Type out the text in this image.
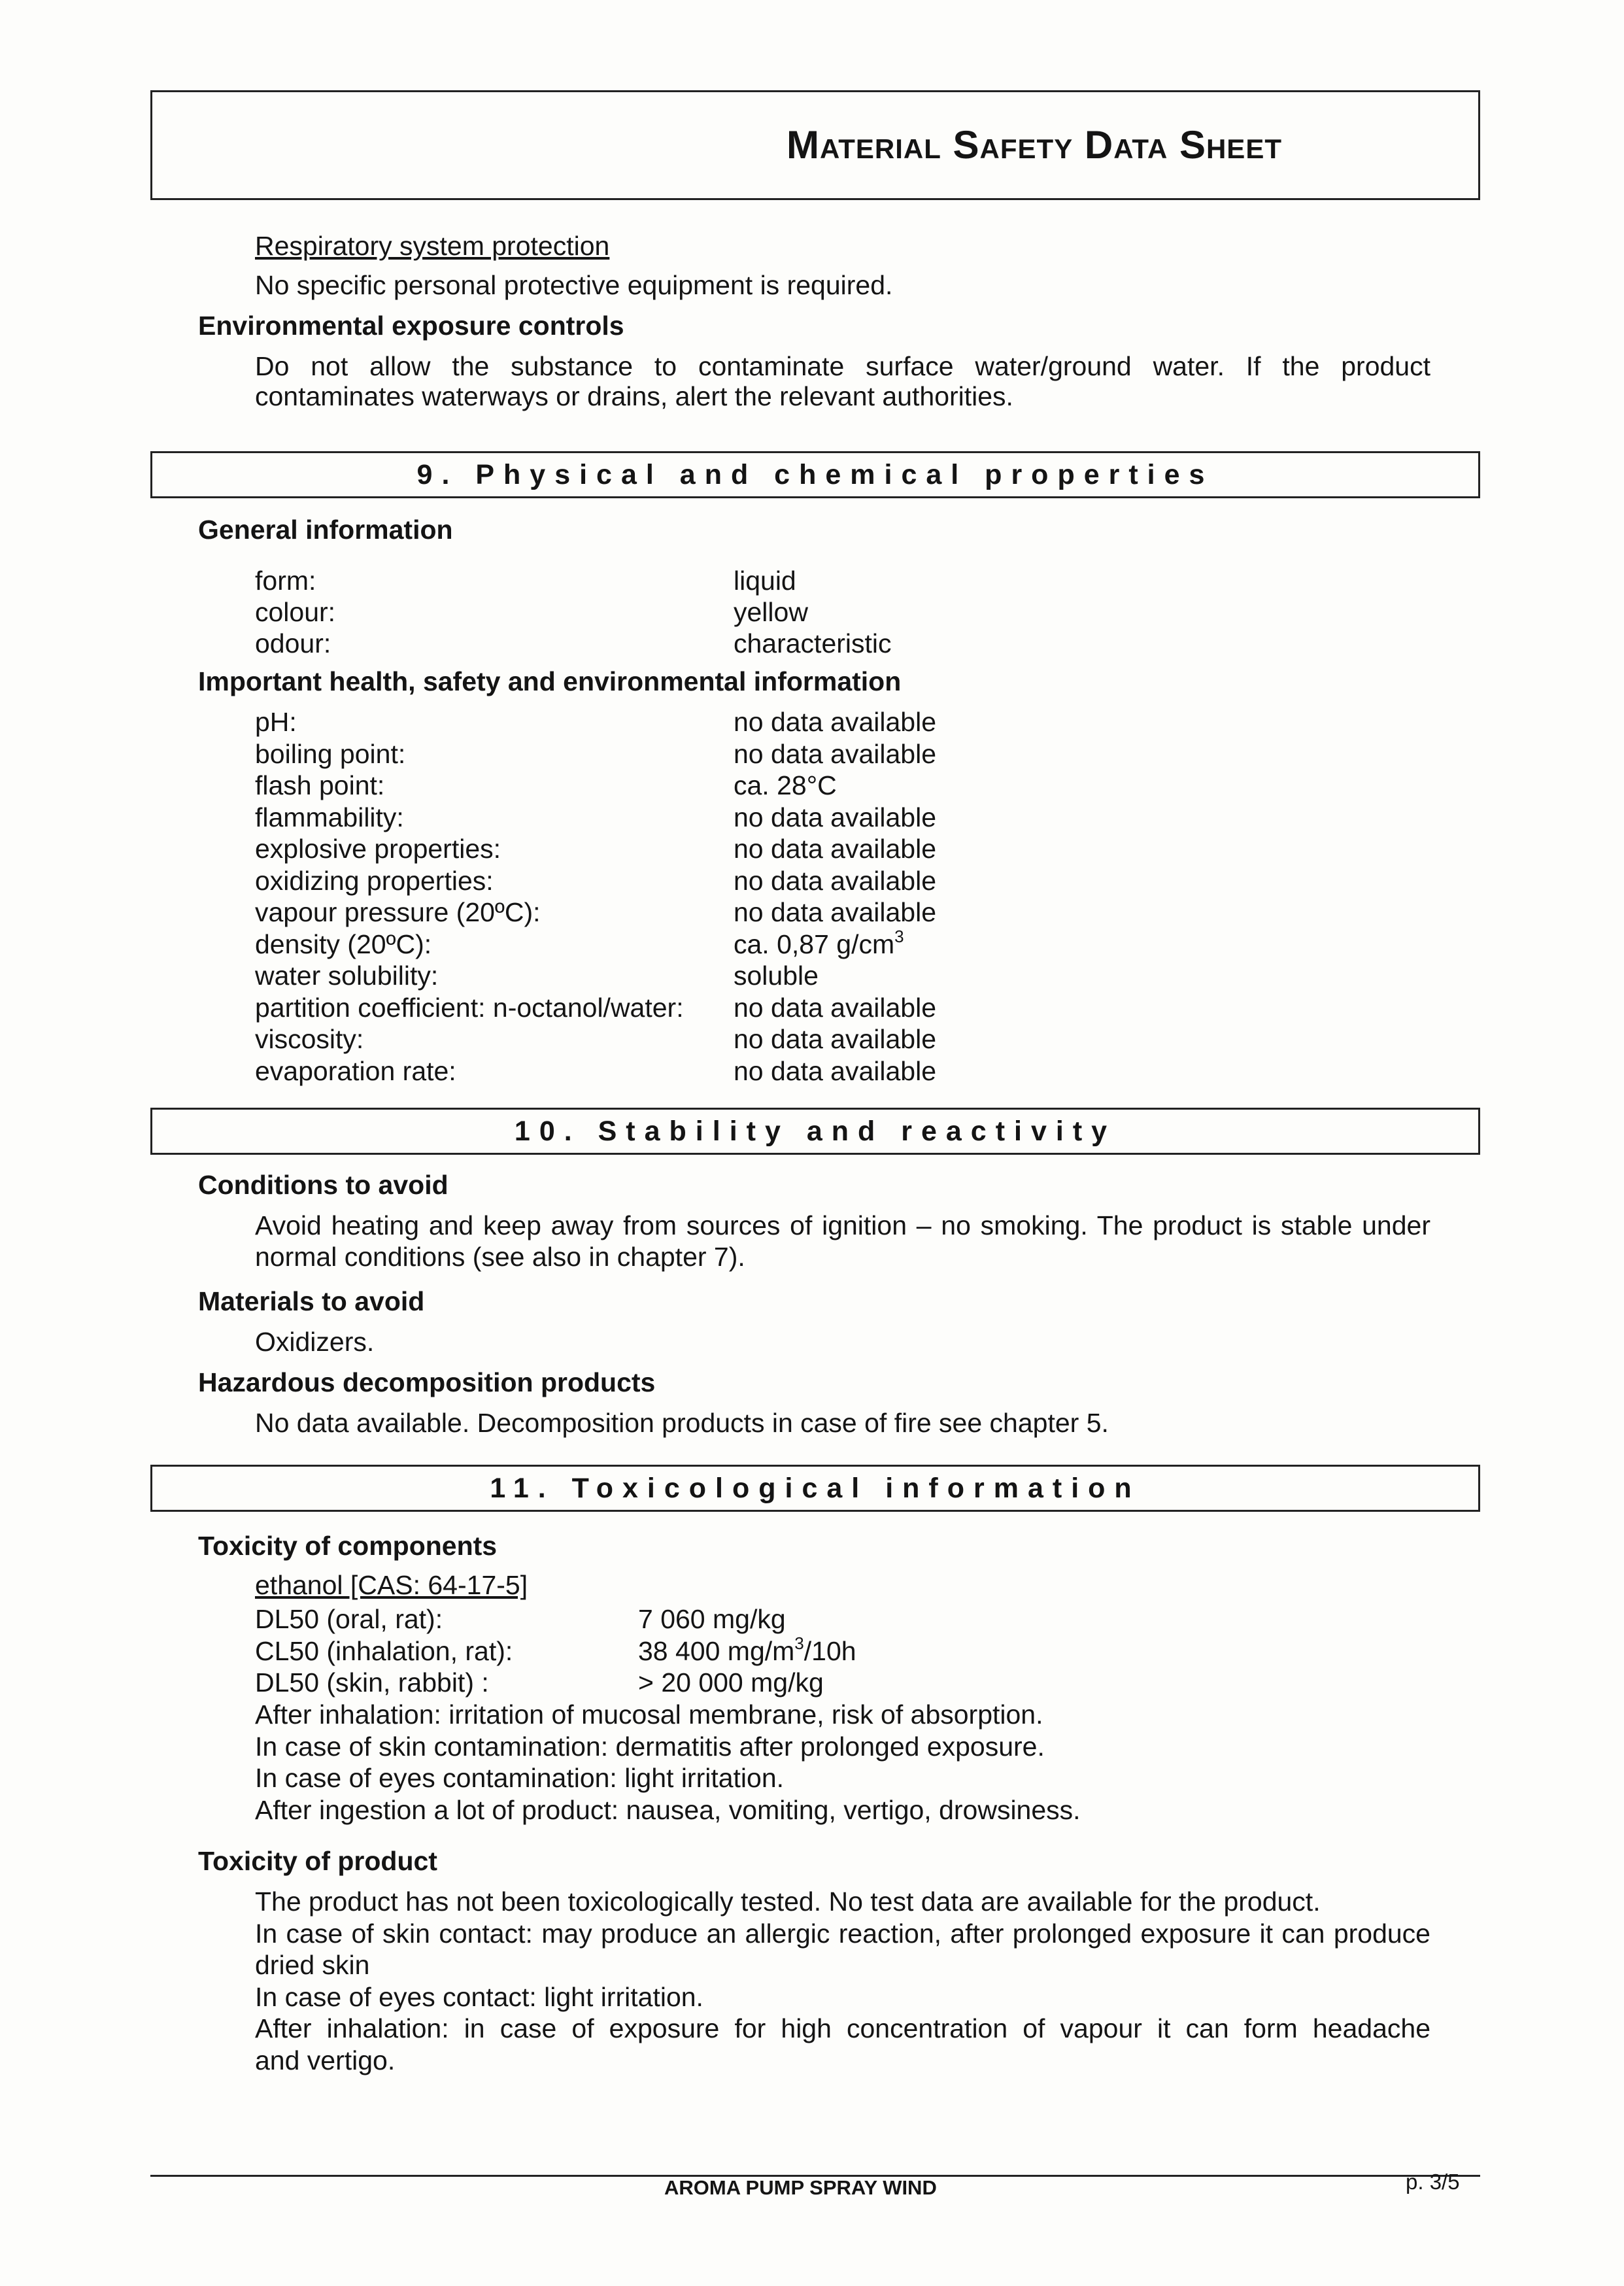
Material Safety Data Sheet
Respiratory system protection
No specific personal protective equipment is required.
Environmental exposure controls
Do not allow the substance to contaminate surface water/ground water. If the product
contaminates waterways or drains, alert the relevant authorities.
9. Physical and chemical properties
General information
form:	liquid
colour:	yellow
odour:	characteristic
Important health, safety and environmental information
pH:	no data available
boiling point:	no data available
flash point:	ca. 28°C
flammability:	no data available
explosive properties:	no data available
oxidizing properties:	no data available
vapour pressure (20ºC):	no data available
density (20ºC):	ca. 0,87 $g/cm^3$
water solubility:	soluble
partition coefficient: n-octanol/water: no data available
viscosity:	no data available
evaporation rate:	no data available
10. Stability and reactivity
Conditions to avoid
Avoid heating and keep away from sources of ignition – no smoking. The product is stable under
normal conditions (see also in chapter 7).
Materials to avoid
Oxidizers.
Hazardous decomposition products
No data available. Decomposition products in case of fire see chapter 5.
11. Toxicological information
Toxicity of components
ethanol [CAS: 64-17-5]
DL50 (oral, rat):	7 060 mg/kg
CL50 (inhalation, rat):	38 400 $mg/m^3/10h$
DL50 (skin, rabbit) :	> 20 000 mg/kg
After inhalation: irritation of mucosal membrane, risk of absorption.
In case of skin contamination: dermatitis after prolonged exposure.
In case of eyes contamination: light irritation.
After ingestion a lot of product: nausea, vomiting, vertigo, drowsiness.
Toxicity of product
The product has not been toxicologically tested. No test data are available for the product.
In case of skin contact: may produce an allergic reaction, after prolonged exposure it can produce
dried skin
In case of eyes contact: light irritation.
After inhalation: in case of exposure for high concentration of vapour it can form headache
and vertigo.
AROMA PUMP SPRAY WIND	p. 3/5
